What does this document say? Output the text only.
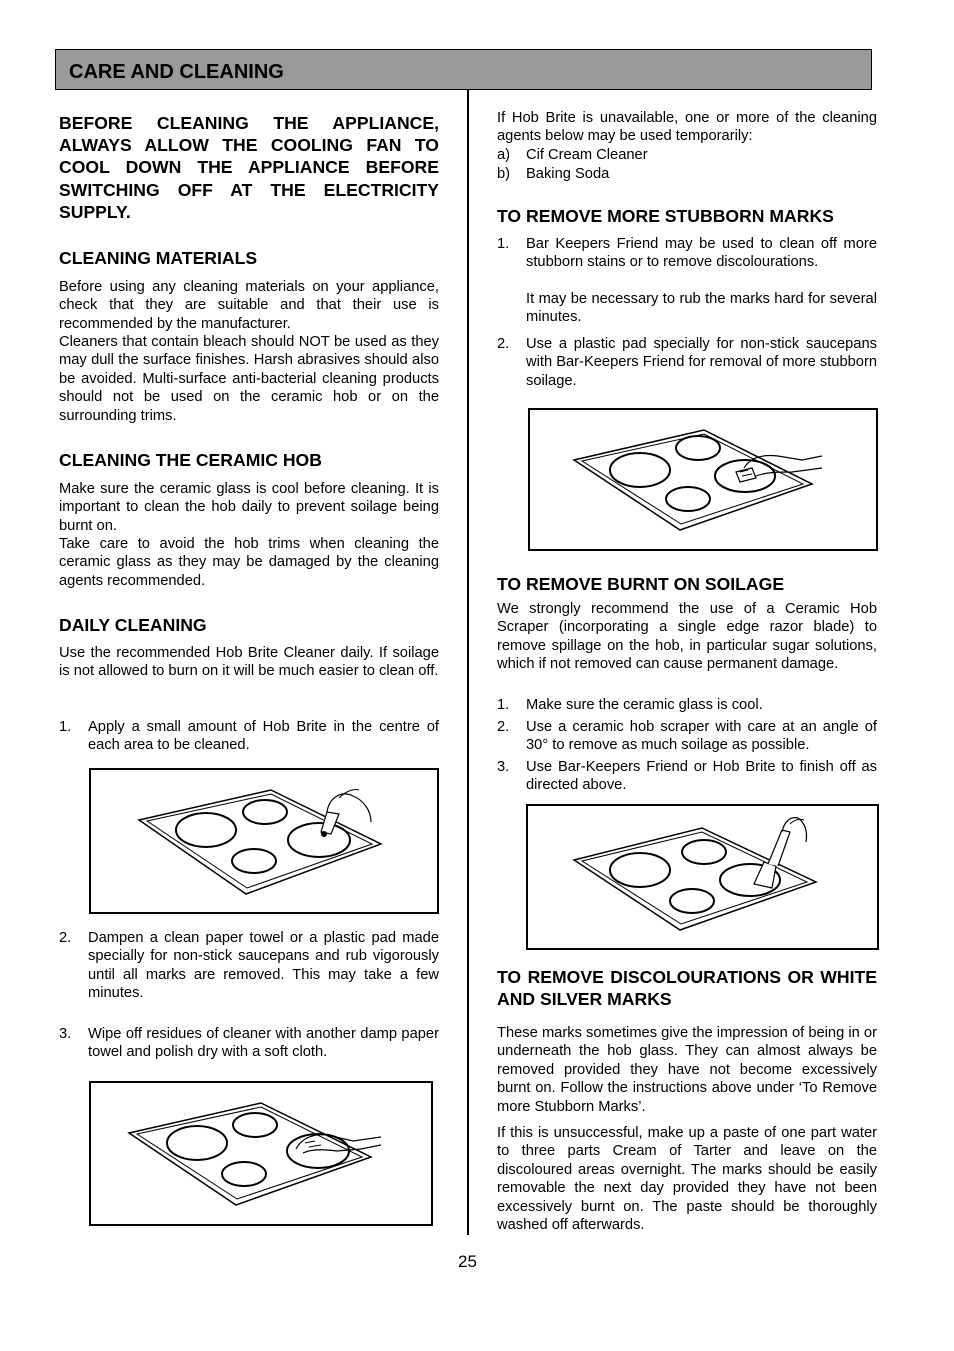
CARE AND CLEANING

BEFORE CLEANING THE APPLIANCE, ALWAYS ALLOW THE COOLING FAN TO COOL DOWN THE APPLIANCE BEFORE SWITCHING OFF AT THE ELECTRICITY SUPPLY.

CLEANING MATERIALS

Before using any cleaning materials on your appliance, check that they are suitable and that their use is recommended by the manufacturer.

Cleaners that contain bleach should NOT be used as they may dull the surface finishes. Harsh abrasives should also be avoided. Multi-surface anti-bacterial cleaning products should not be used on the ceramic hob or on the surrounding trims.

CLEANING THE CERAMIC HOB

Make sure the ceramic glass is cool before cleaning. It is important to clean the hob daily to prevent soilage being burnt on.

Take care to avoid the hob trims when cleaning the ceramic glass as they may be damaged by the cleaning agents recommended.

DAILY CLEANING

Use the recommended Hob Brite Cleaner daily. If soilage is not allowed to burn on it will be much easier to clean off.

1. Apply a small amount of Hob Brite in the centre of each area to be cleaned.
2. Dampen a clean paper towel or a plastic pad made specially for non-stick saucepans and rub vigorously until all marks are removed. This may take a few minutes.
3. Wipe off residues of cleaner with another damp paper towel and polish dry with a soft cloth.

If Hob Brite is unavailable, one or more of the cleaning agents below may be used temporarily:

a) Cif Cream Cleaner
b) Baking Soda
TO REMOVE MORE STUBBORN MARKS
1. Bar Keepers Friend may be used to clean off more stubborn stains or to remove discolourations.

It may be necessary to rub the marks hard for several minutes.

2. Use a plastic pad specially for non-stick saucepans with Bar-Keepers Friend for removal of more stubborn soilage.
TO REMOVE BURNT ON SOILAGE

We strongly recommend the use of a Ceramic Hob Scraper (incorporating a single edge razor blade) to remove spillage on the hob, in particular sugar solutions, which if not removed can cause permanent damage.

1. Make sure the ceramic glass is cool.
2. Use a ceramic hob scraper with care at an angle of 30° to remove as much soilage as possible.
3. Use Bar-Keepers Friend or Hob Brite to finish off as directed above.
TO REMOVE DISCOLOURATIONS OR WHITE AND SILVER MARKS

These marks sometimes give the impression of being in or underneath the hob glass. They can almost always be removed provided they have not become excessively burnt on. Follow the instructions above under ‘To Remove more Stubborn Marks’.

If this is unsuccessful, make up a paste of one part water to three parts Cream of Tarter and leave on the discoloured areas overnight. The marks should be easily removable the next day provided they have not been excessively burnt on. The paste should be thoroughly washed off afterwards.

25
